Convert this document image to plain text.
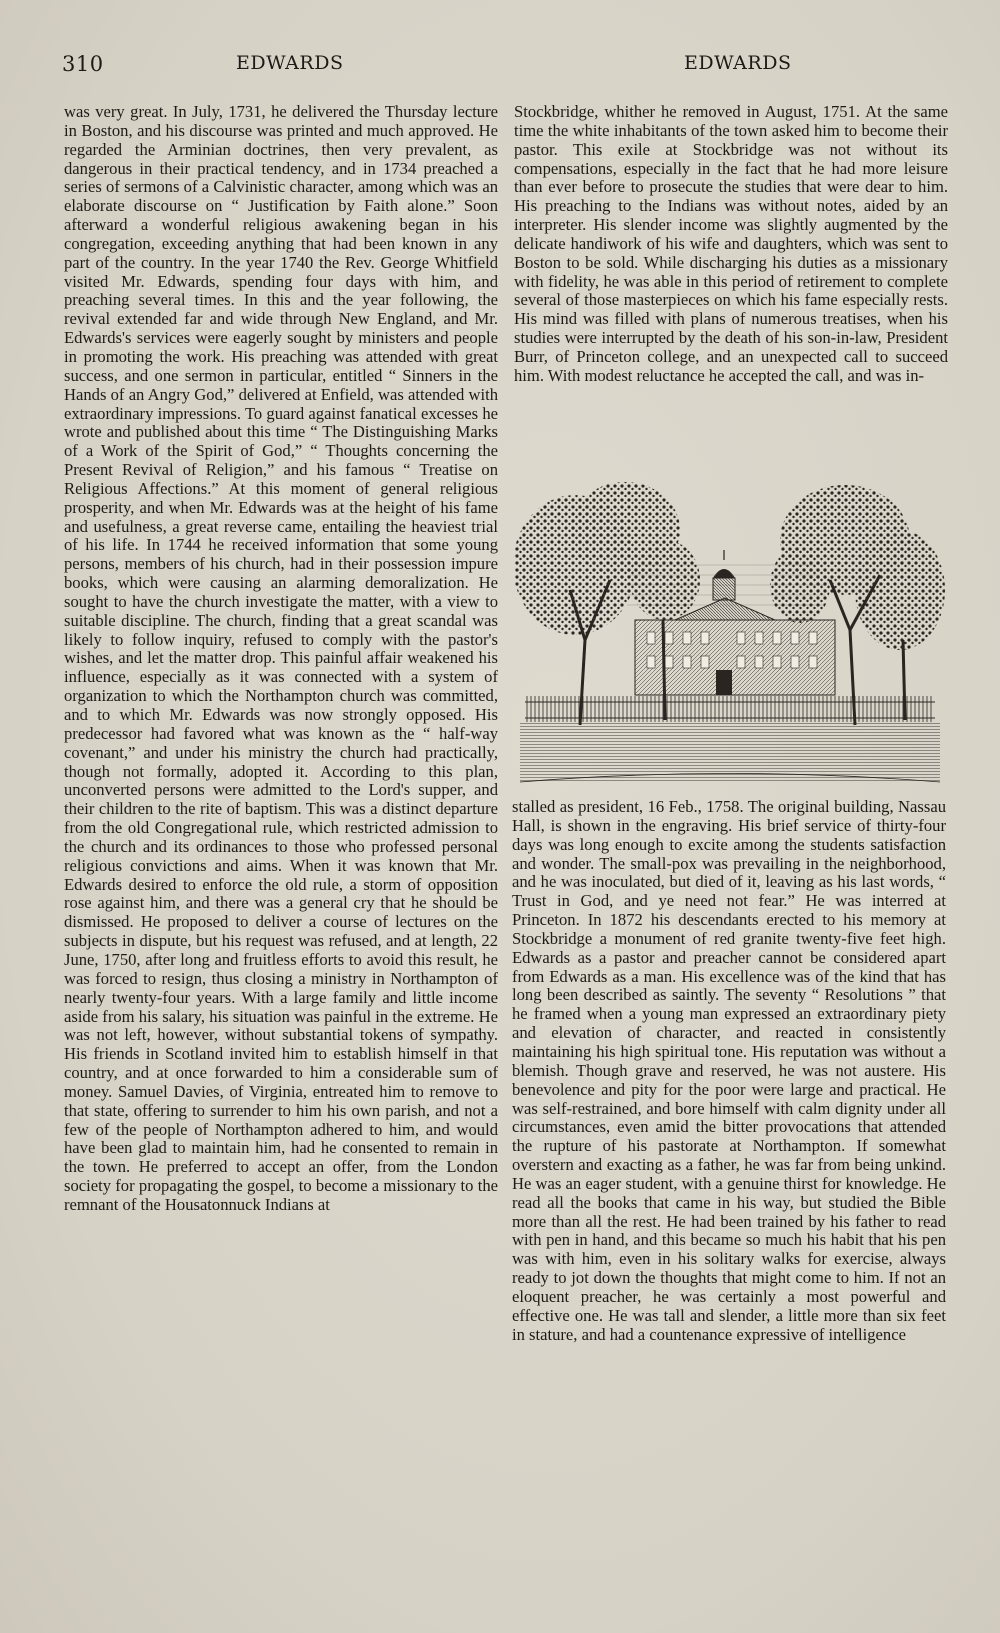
310	EDWARDS	EDWARDS

was very great. In July, 1731, he delivered the Thursday lecture in Boston, and his discourse was printed and much approved. He regarded the Arminian doctrines, then very prevalent, as dangerous in their practical tendency, and in 1734 preached a series of sermons of a Calvinistic character, among which was an elaborate discourse on “ Justification by Faith alone.” Soon afterward a wonderful religious awakening began in his congregation, exceeding anything that had been known in any part of the country. In the year 1740 the Rev. George Whitfield visited Mr. Edwards, spending four days with him, and preaching several times. In this and the year following, the revival extended far and wide through New England, and Mr. Edwards's services were eagerly sought by ministers and people in promoting the work. His preaching was attended with great success, and one sermon in particular, entitled “ Sinners in the Hands of an Angry God,” delivered at Enfield, was attended with extraordinary impressions. To guard against fanatical excesses he wrote and published about this time “ The Distinguishing Marks of a Work of the Spirit of God,” “ Thoughts concerning the Present Revival of Religion,” and his famous “ Treatise on Religious Affections.” At this moment of general religious prosperity, and when Mr. Edwards was at the height of his fame and usefulness, a great reverse came, entailing the heaviest trial of his life. In 1744 he received information that some young persons, members of his church, had in their possession impure books, which were causing an alarming demoralization. He sought to have the church investigate the matter, with a view to suitable discipline. The church, finding that a great scandal was likely to follow inquiry, refused to comply with the pastor's wishes, and let the matter drop. This painful affair weakened his influence, especially as it was connected with a system of organization to which the Northampton church was committed, and to which Mr. Edwards was now strongly opposed. His predecessor had favored what was known as the “ half-way covenant,” and under his ministry the church had practically, though not formally, adopted it. According to this plan, unconverted persons were admitted to the Lord's supper, and their children to the rite of baptism. This was a distinct departure from the old Congregational rule, which restricted admission to the church and its ordinances to those who professed personal religious convictions and aims. When it was known that Mr. Edwards desired to enforce the old rule, a storm of opposition rose against him, and there was a general cry that he should be dismissed. He proposed to deliver a course of lectures on the subjects in dispute, but his request was refused, and at length, 22 June, 1750, after long and fruitless efforts to avoid this result, he was forced to resign, thus closing a ministry in Northampton of nearly twenty-four years. With a large family and little income aside from his salary, his situation was painful in the extreme. He was not left, however, without substantial tokens of sympathy. His friends in Scotland invited him to establish himself in that country, and at once forwarded to him a considerable sum of money. Samuel Davies, of Virginia, entreated him to remove to that state, offering to surrender to him his own parish, and not a few of the people of Northampton adhered to him, and would have been glad to maintain him, had he consented to remain in the town. He preferred to accept an offer, from the London society for propagating the gospel, to become a missionary to the remnant of the Housatonnuck Indians at

Stockbridge, whither he removed in August, 1751. At the same time the white inhabitants of the town asked him to become their pastor. This exile at Stockbridge was not without its compensations, especially in the fact that he had more leisure than ever before to prosecute the studies that were dear to him. His preaching to the Indians was without notes, aided by an interpreter. His slender income was slightly augmented by the delicate handiwork of his wife and daughters, which was sent to Boston to be sold. While discharging his duties as a missionary with fidelity, he was able in this period of retirement to complete several of those masterpieces on which his fame especially rests. His mind was filled with plans of numerous treatises, when his studies were interrupted by the death of his son-in-law, President Burr, of Princeton college, and an unexpected call to succeed him. With modest reluctance he accepted the call, and was in-

stalled as president, 16 Feb., 1758. The original building, Nassau Hall, is shown in the engraving. His brief service of thirty-four days was long enough to excite among the students satisfaction and wonder. The small-pox was prevailing in the neighborhood, and he was inoculated, but died of it, leaving as his last words, “ Trust in God, and ye need not fear.” He was interred at Princeton. In 1872 his descendants erected to his memory at Stockbridge a monument of red granite twenty-five feet high. Edwards as a pastor and preacher cannot be considered apart from Edwards as a man. His excellence was of the kind that has long been described as saintly. The seventy “ Resolutions ” that he framed when a young man expressed an extraordinary piety and elevation of character, and reacted in consistently maintaining his high spiritual tone. His reputation was without a blemish. Though grave and reserved, he was not austere. His benevolence and pity for the poor were large and practical. He was self-restrained, and bore himself with calm dignity under all circumstances, even amid the bitter provocations that attended the rupture of his pastorate at Northampton. If somewhat overstern and exacting as a father, he was far from being unkind. He was an eager student, with a genuine thirst for knowledge. He read all the books that came in his way, but studied the Bible more than all the rest. He had been trained by his father to read with pen in hand, and this became so much his habit that his pen was with him, even in his solitary walks for exercise, always ready to jot down the thoughts that might come to him. If not an eloquent preacher, he was certainly a most powerful and effective one. He was tall and slender, a little more than six feet in stature, and had a countenance expressive of intelligence
